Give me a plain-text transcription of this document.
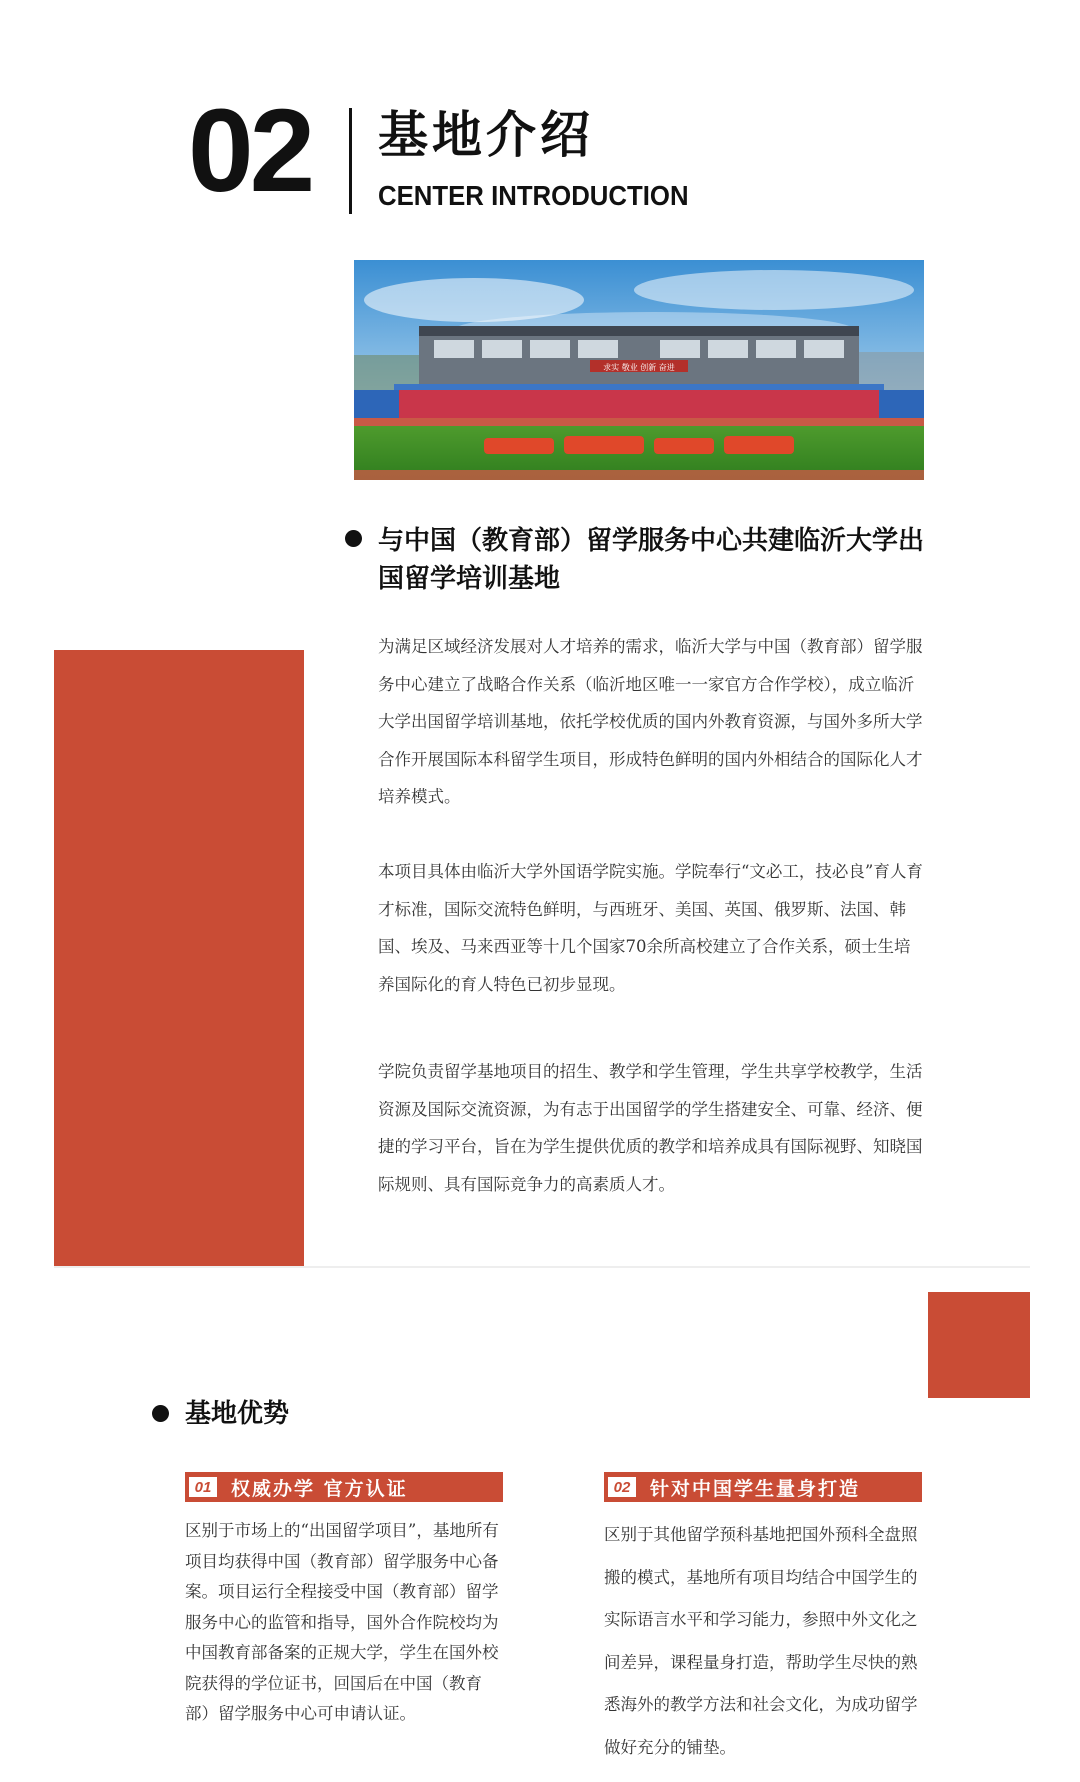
02 基地介绍
CENTER INTRODUCTION
求实 敬业 创新 奋进
与中国（教育部）留学服务中心共建临沂大学出国留学培训基地
为满足区域经济发展对人才培养的需求，临沂大学与中国（教育部）留学服务中心建立了战略合作关系（临沂地区唯一一家官方合作学校），成立临沂大学出国留学培训基地，依托学校优质的国内外教育资源，与国外多所大学合作开展国际本科留学生项目，形成特色鲜明的国内外相结合的国际化人才培养模式。
本项目具体由临沂大学外国语学院实施。学院奉行“文必工，技必良”育人育才标准，国际交流特色鲜明，与西班牙、美国、英国、俄罗斯、法国、韩国、埃及、马来西亚等十几个国家70余所高校建立了合作关系，硕士生培养国际化的育人特色已初步显现。
学院负责留学基地项目的招生、教学和学生管理，学生共享学校教学，生活资源及国际交流资源，为有志于出国留学的学生搭建安全、可靠、经济、便捷的学习平台，旨在为学生提供优质的教学和培养成具有国际视野、知晓国际规则、具有国际竞争力的高素质人才。
基地优势
01 权威办学 官方认证	02 针对中国学生量身打造
区别于市场上的“出国留学项目”，基地所有项目均获得中国（教育部）留学服务中心备案。项目运行全程接受中国（教育部）留学服务中心的监管和指导，国外合作院校均为中国教育部备案的正规大学，学生在国外校院获得的学位证书，回国后在中国（教育部）留学服务中心可申请认证。
区别于其他留学预科基地把国外预科全盘照搬的模式，基地所有项目均结合中国学生的实际语言水平和学习能力，参照中外文化之间差异，课程量身打造，帮助学生尽快的熟悉海外的教学方法和社会文化，为成功留学做好充分的铺垫。
